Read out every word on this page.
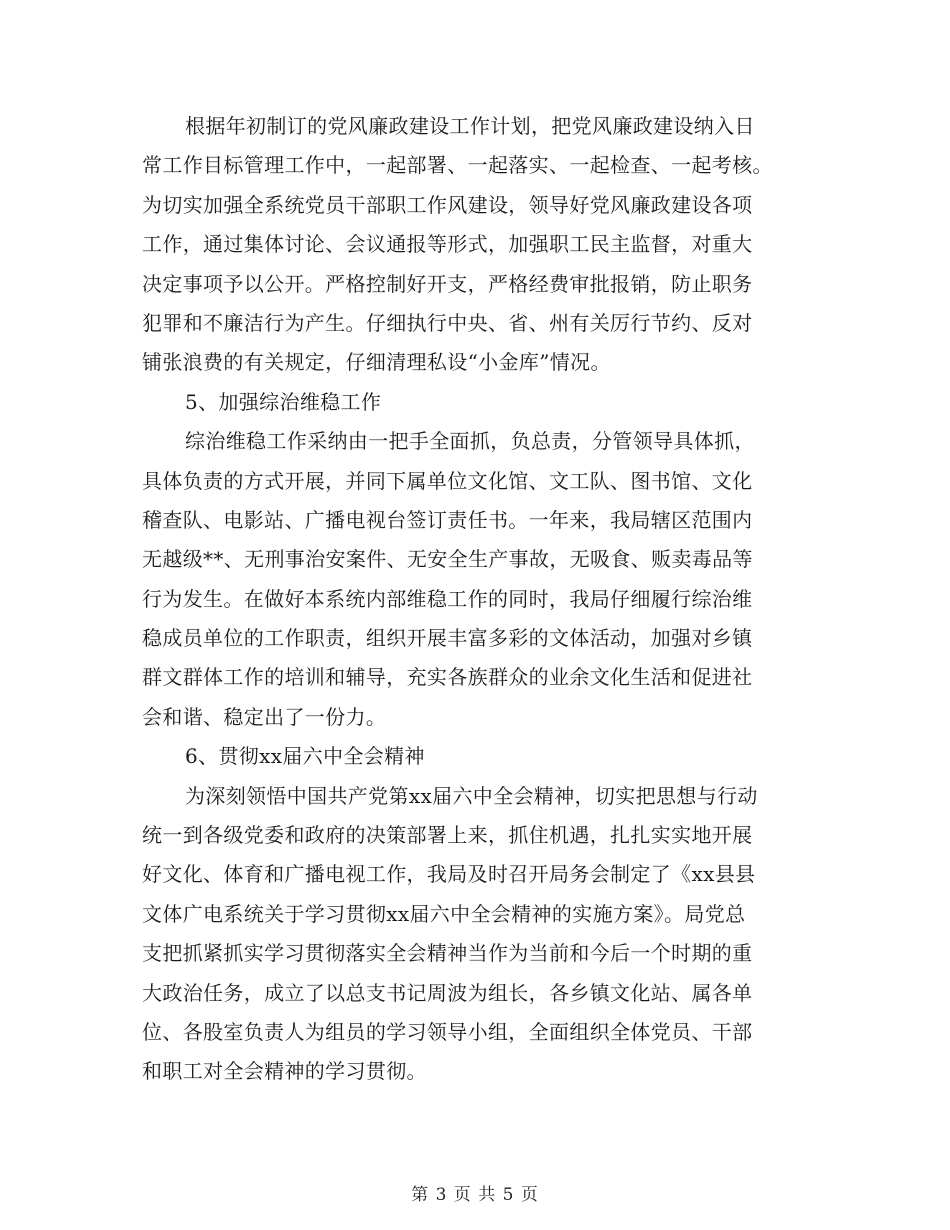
根据年初制订的党风廉政建设工作计划，把党风廉政建设纳入日
常工作目标管理工作中，一起部署、一起落实、一起检查、一起考核。
为切实加强全系统党员干部职工作风建设，领导好党风廉政建设各项
工作，通过集体讨论、会议通报等形式，加强职工民主监督，对重大
决定事项予以公开。严格控制好开支，严格经费审批报销，防止职务
犯罪和不廉洁行为产生。仔细执行中央、省、州有关厉行节约、反对
铺张浪费的有关规定，仔细清理私设“小金库”情况。
5、加强综治维稳工作
综治维稳工作采纳由一把手全面抓，负总责，分管领导具体抓，
具体负责的方式开展，并同下属单位文化馆、文工队、图书馆、文化
稽查队、电影站、广播电视台签订责任书。一年来，我局辖区范围内
无越级**、无刑事治安案件、无安全生产事故，无吸食、贩卖毒品等
行为发生。在做好本系统内部维稳工作的同时，我局仔细履行综治维
稳成员单位的工作职责，组织开展丰富多彩的文体活动，加强对乡镇
群文群体工作的培训和辅导，充实各族群众的业余文化生活和促进社
会和谐、稳定出了一份力。
6、贯彻xx届六中全会精神
为深刻领悟中国共产党第xx届六中全会精神，切实把思想与行动
统一到各级党委和政府的决策部署上来，抓住机遇，扎扎实实地开展
好文化、体育和广播电视工作，我局及时召开局务会制定了《xx县县
文体广电系统关于学习贯彻xx届六中全会精神的实施方案》。局党总
支把抓紧抓实学习贯彻落实全会精神当作为当前和今后一个时期的重
大政治任务，成立了以总支书记周波为组长，各乡镇文化站、属各单
位、各股室负责人为组员的学习领导小组，全面组织全体党员、干部
和职工对全会精神的学习贯彻。
第 3 页 共 5 页
